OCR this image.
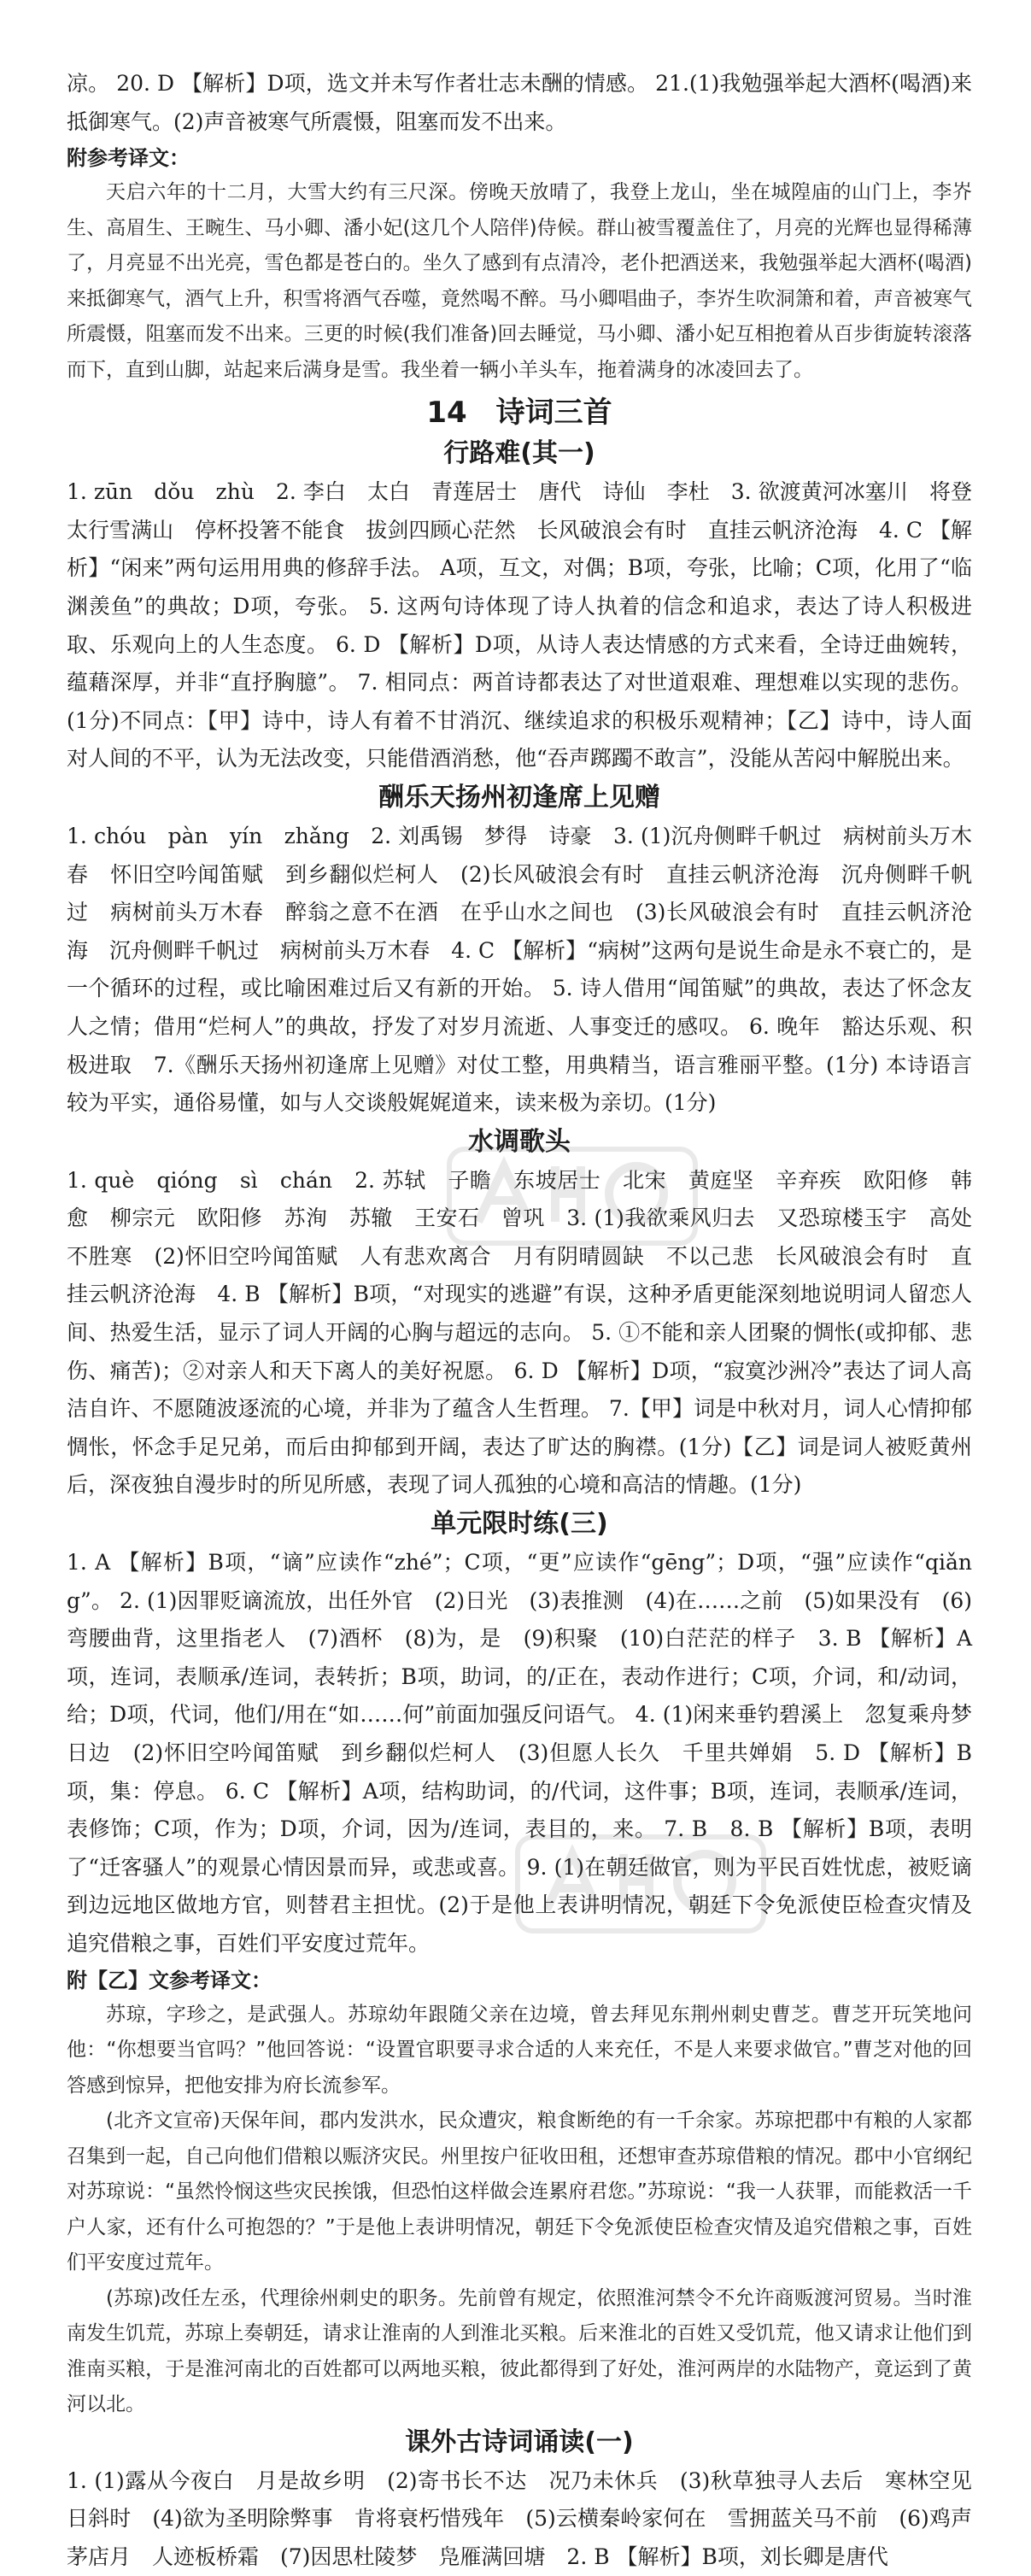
凉。 20. D 【解析】D项，选文并未写作者壮志未酬的情感。 21.(1)我勉强举起大酒杯(喝酒)来抵御寒气。(2)声音被寒气所震慑，阻塞而发不出来。

附参考译文：

天启六年的十二月，大雪大约有三尺深。傍晚天放晴了，我登上龙山，坐在城隍庙的山门上，李岕生、高眉生、王畹生、马小卿、潘小妃(这几个人陪伴)侍候。群山被雪覆盖住了，月亮的光辉也显得稀薄了，月亮显不出光亮，雪色都是苍白的。坐久了感到有点清冷，老仆把酒送来，我勉强举起大酒杯(喝酒)来抵御寒气，酒气上升，积雪将酒气吞噬，竟然喝不醉。马小卿唱曲子，李岕生吹洞箫和着，声音被寒气所震慑，阻塞而发不出来。三更的时候(我们准备)回去睡觉，马小卿、潘小妃互相抱着从百步街旋转滚落而下，直到山脚，站起来后满身是雪。我坐着一辆小羊头车，拖着满身的冰凌回去了。

14　诗词三首
行路难(其一)

1. zūn　dǒu　zhù　2. 李白　太白　青莲居士　唐代　诗仙　李杜　3. 欲渡黄河冰塞川　将登太行雪满山　停杯投箸不能食　拔剑四顾心茫然　长风破浪会有时　直挂云帆济沧海　4. C 【解析】“闲来”两句运用用典的修辞手法。 A项，互文，对偶；B项，夸张，比喻；C项，化用了“临渊羡鱼”的典故；D项，夸张。 5. 这两句诗体现了诗人执着的信念和追求，表达了诗人积极进取、乐观向上的人生态度。 6. D 【解析】D项，从诗人表达情感的方式来看，全诗迂曲婉转，蕴藉深厚，并非“直抒胸臆”。 7. 相同点：两首诗都表达了对世道艰难、理想难以实现的悲伤。(1分)不同点：【甲】诗中，诗人有着不甘消沉、继续追求的积极乐观精神；【乙】诗中，诗人面对人间的不平，认为无法改变，只能借酒消愁，他“吞声踯躅不敢言”，没能从苦闷中解脱出来。

酬乐天扬州初逢席上见赠

1. chóu　pàn　yín　zhǎng　2. 刘禹锡　梦得　诗豪　3. (1)沉舟侧畔千帆过　病树前头万木春　怀旧空吟闻笛赋　到乡翻似烂柯人　(2)长风破浪会有时　直挂云帆济沧海　沉舟侧畔千帆过　病树前头万木春　醉翁之意不在酒　在乎山水之间也　(3)长风破浪会有时　直挂云帆济沧海　沉舟侧畔千帆过　病树前头万木春　4. C 【解析】“病树”这两句是说生命是永不衰亡的，是一个循环的过程，或比喻困难过后又有新的开始。 5. 诗人借用“闻笛赋”的典故，表达了怀念友人之情；借用“烂柯人”的典故，抒发了对岁月流逝、人事变迁的感叹。 6. 晚年　豁达乐观、积极进取　7.《酬乐天扬州初逢席上见赠》对仗工整，用典精当，语言雅丽平整。(1分) 本诗语言较为平实，通俗易懂，如与人交谈般娓娓道来，读来极为亲切。(1分)

水调歌头

1. què　qióng　sì　chán　2. 苏轼　子瞻　东坡居士　北宋　黄庭坚　辛弃疾　欧阳修　韩愈　柳宗元　欧阳修　苏洵　苏辙　王安石　曾巩　3. (1)我欲乘风归去　又恐琼楼玉宇　高处不胜寒　(2)怀旧空吟闻笛赋　人有悲欢离合　月有阴晴圆缺　不以己悲　长风破浪会有时　直挂云帆济沧海　4. B 【解析】B项，“对现实的逃避”有误，这种矛盾更能深刻地说明词人留恋人间、热爱生活，显示了词人开阔的心胸与超远的志向。 5. ①不能和亲人团聚的惆怅(或抑郁、悲伤、痛苦)；②对亲人和天下离人的美好祝愿。 6. D 【解析】D项，“寂寞沙洲冷”表达了词人高洁自许、不愿随波逐流的心境，并非为了蕴含人生哲理。 7.【甲】词是中秋对月，词人心情抑郁惆怅，怀念手足兄弟，而后由抑郁到开阔，表达了旷达的胸襟。(1分)【乙】词是词人被贬黄州后，深夜独自漫步时的所见所感，表现了词人孤独的心境和高洁的情趣。(1分)

单元限时练(三)

1. A 【解析】B项，“谪”应读作“zhé”；C项，“更”应读作“gēng”；D项，“强”应读作“qiǎng”。 2. (1)因罪贬谪流放，出任外官　(2)日光　(3)表推测　(4)在……之前　(5)如果没有　(6)弯腰曲背，这里指老人　(7)酒杯　(8)为，是　(9)积聚　(10)白茫茫的样子　3. B 【解析】A项，连词，表顺承/连词，表转折；B项，助词，的/正在，表动作进行；C项，介词，和/动词，给；D项，代词，他们/用在“如……何”前面加强反问语气。 4. (1)闲来垂钓碧溪上　忽复乘舟梦日边　(2)怀旧空吟闻笛赋　到乡翻似烂柯人　(3)但愿人长久　千里共婵娟　5. D 【解析】B项，集：停息。 6. C 【解析】A项，结构助词，的/代词，这件事；B项，连词，表顺承/连词，表修饰；C项，作为；D项，介词，因为/连词，表目的，来。 7. B　8. B 【解析】B项，表明了“迁客骚人”的观景心情因景而异，或悲或喜。 9. (1)在朝廷做官，则为平民百姓忧虑，被贬谪到边远地区做地方官，则替君主担忧。(2)于是他上表讲明情况，朝廷下令免派使臣检查灾情及追究借粮之事，百姓们平安度过荒年。

附【乙】文参考译文：

苏琼，字珍之，是武强人。苏琼幼年跟随父亲在边境，曾去拜见东荆州刺史曹芝。曹芝开玩笑地问他：“你想要当官吗？”他回答说：“设置官职要寻求合适的人来充任，不是人来要求做官。”曹芝对他的回答感到惊异，把他安排为府长流参军。

(北齐文宣帝)天保年间，郡内发洪水，民众遭灾，粮食断绝的有一千余家。苏琼把郡中有粮的人家都召集到一起，自己向他们借粮以赈济灾民。州里按户征收田租，还想审查苏琼借粮的情况。郡中小官纲纪对苏琼说：“虽然怜悯这些灾民挨饿，但恐怕这样做会连累府君您。”苏琼说：“我一人获罪，而能救活一千户人家，还有什么可抱怨的？”于是他上表讲明情况，朝廷下令免派使臣检查灾情及追究借粮之事，百姓们平安度过荒年。

(苏琼)改任左丞，代理徐州刺史的职务。先前曾有规定，依照淮河禁令不允许商贩渡河贸易。当时淮南发生饥荒，苏琼上奏朝廷，请求让淮南的人到淮北买粮。后来淮北的百姓又受饥荒，他又请求让他们到淮南买粮，于是淮河南北的百姓都可以两地买粮，彼此都得到了好处，淮河两岸的水陆物产，竟运到了黄河以北。

课外古诗词诵读(一)

1. (1)露从今夜白　月是故乡明　(2)寄书长不达　况乃未休兵　(3)秋草独寻人去后　寒林空见日斜时　(4)欲为圣明除弊事　肯将衰朽惜残年　(5)云横秦岭家何在　雪拥蓝关马不前　(6)鸡声茅店月　人迹板桥霜　(7)因思杜陵梦　凫雁满回塘　2. B 【解析】B项，刘长卿是唐代
